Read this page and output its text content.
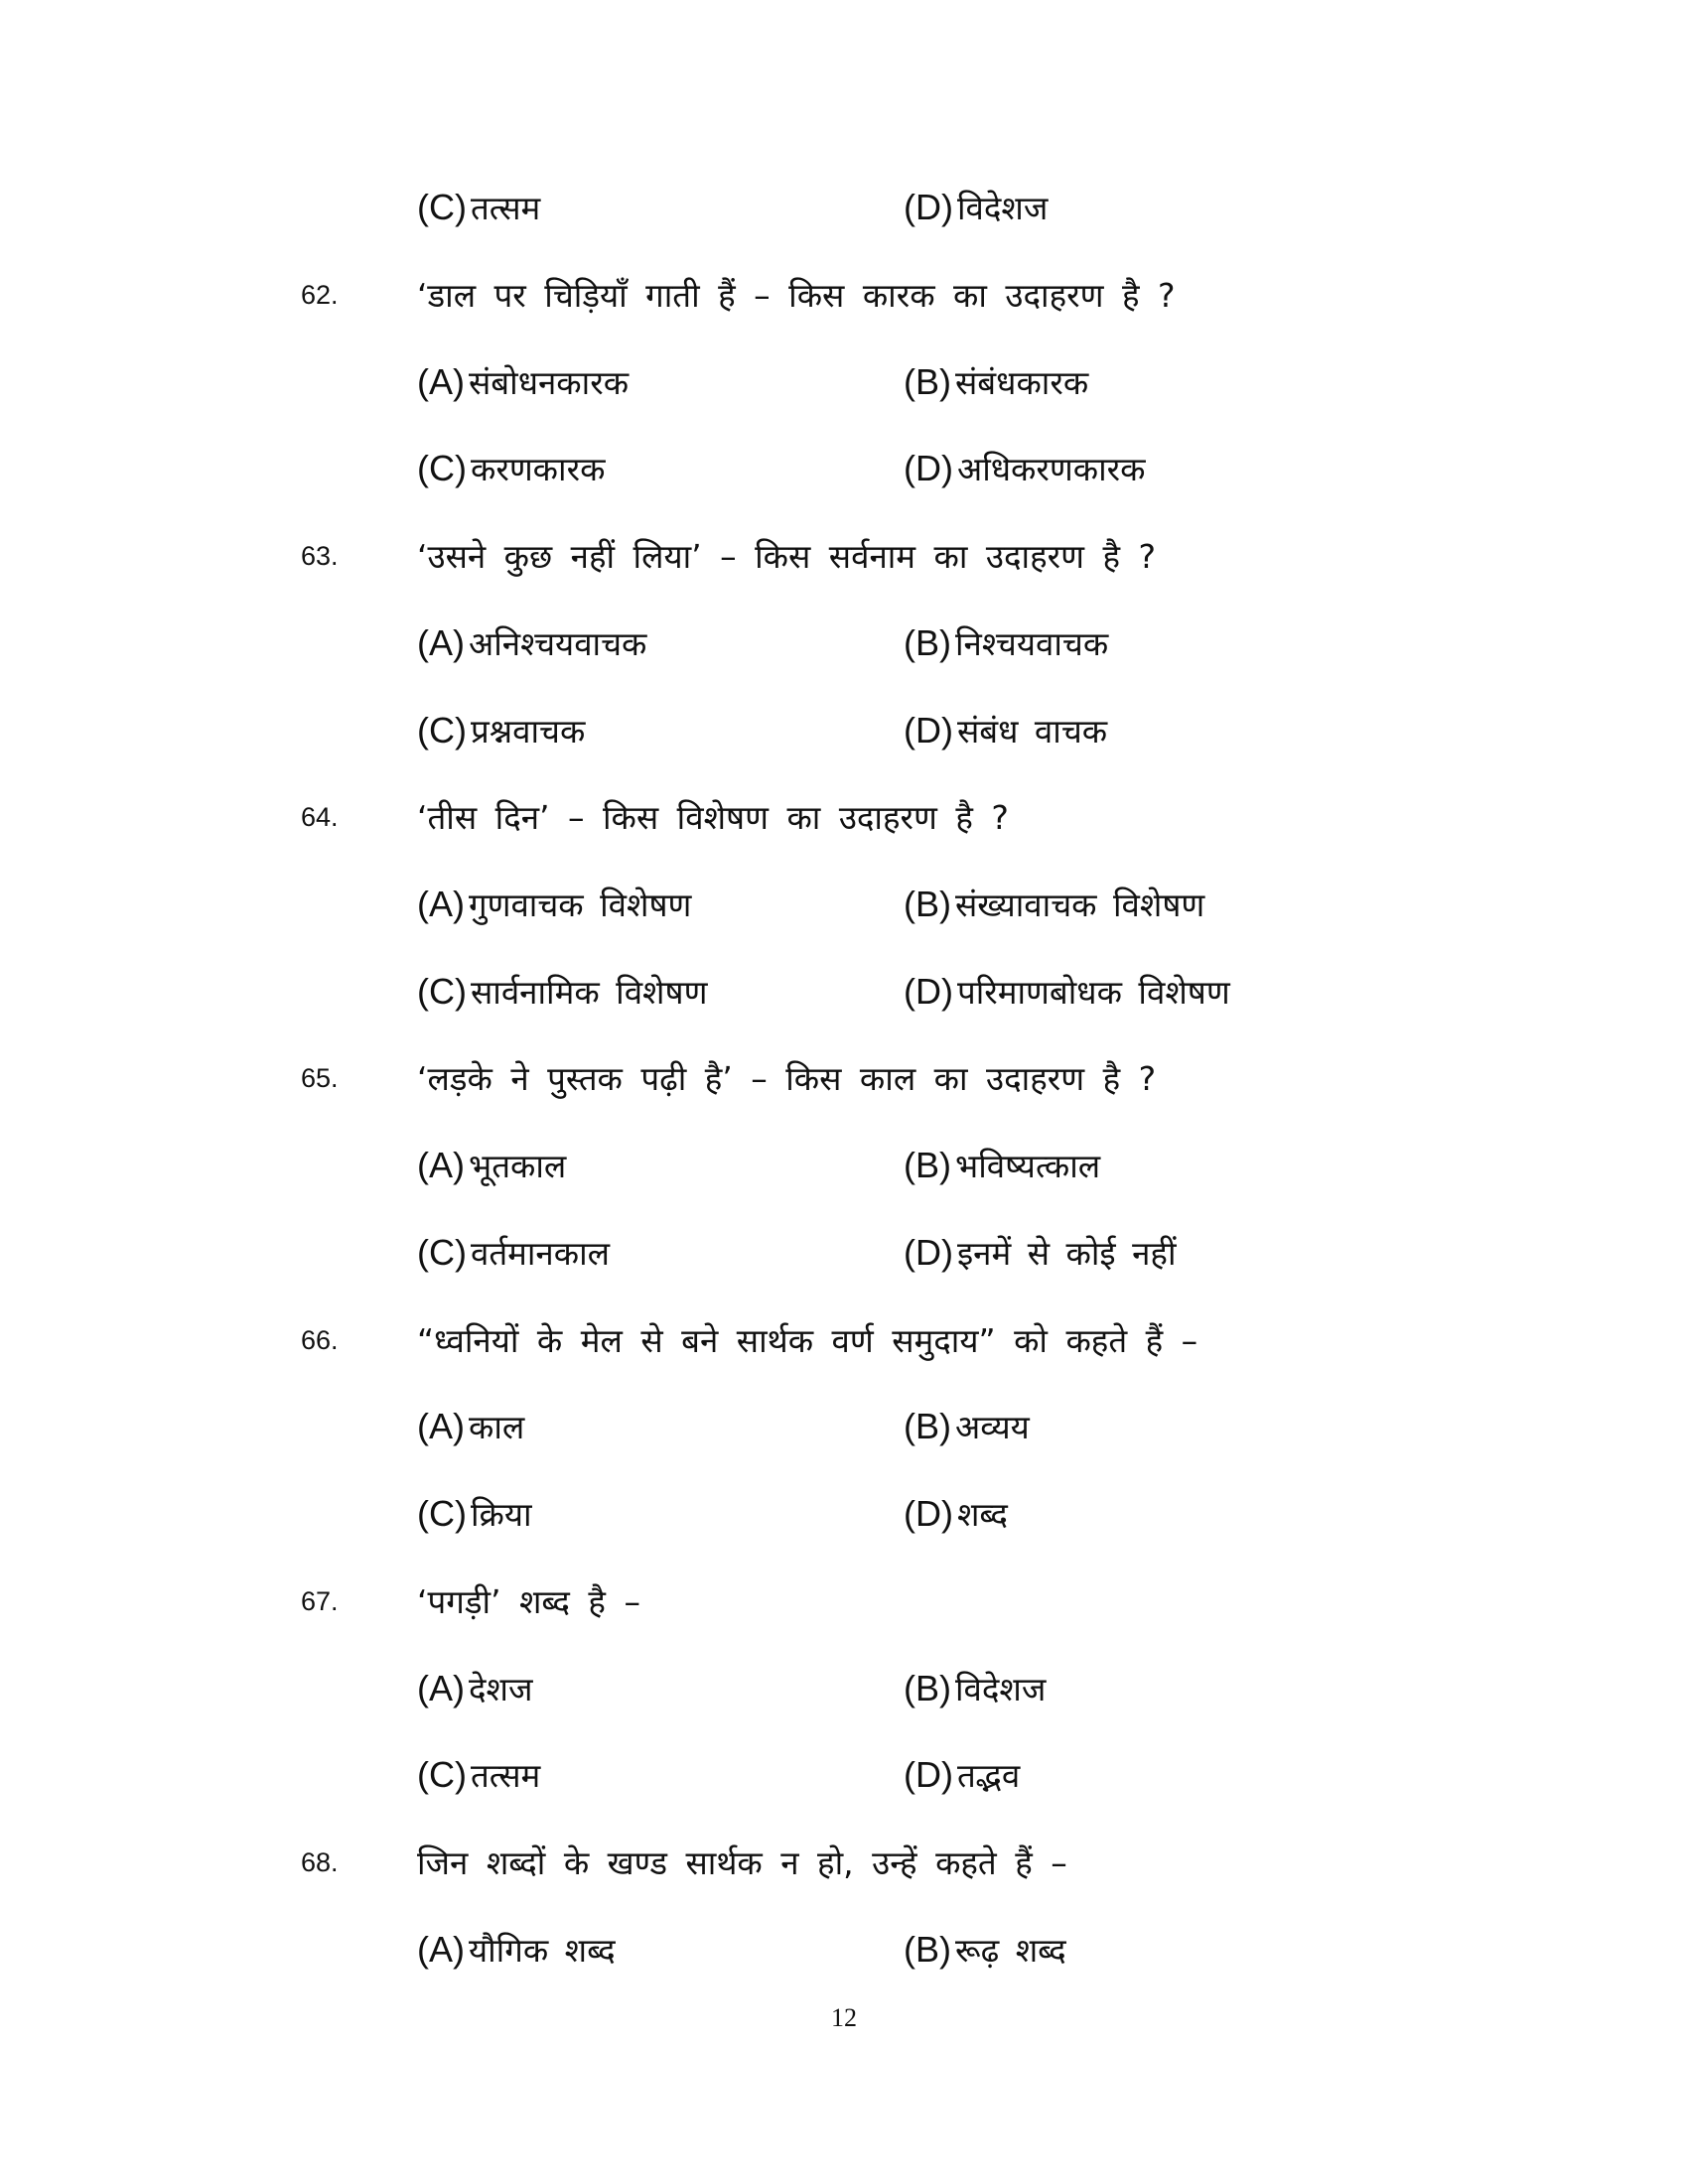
(C) तत्सम	(D) विदेशज
62. ‘डाल पर चिड़ियाँ गाती हैं – किस कारक का उदाहरण है ?
(A) संबोधनकारक	(B) संबंधकारक
(C) करणकारक	(D) अधिकरणकारक
63. ‘उसने कुछ नहीं लिया’ – किस सर्वनाम का उदाहरण है ?
(A) अनिश्चयवाचक	(B) निश्चयवाचक
(C) प्रश्नवाचक	(D) संबंध वाचक
64. ‘तीस दिन’ – किस विशेषण का उदाहरण है ?
(A) गुणवाचक विशेषण	(B) संख्यावाचक विशेषण
(C) सार्वनामिक विशेषण	(D) परिमाणबोधक विशेषण
65. ‘लड़के ने पुस्तक पढ़ी है’ – किस काल का उदाहरण है ?
(A) भूतकाल	(B) भविष्यत्काल
(C) वर्तमानकाल	(D) इनमें से कोई नहीं
66. “ध्वनियों के मेल से बने सार्थक वर्ण समुदाय” को कहते हैं –
(A) काल	(B) अव्यय
(C) क्रिया	(D) शब्द
67. ‘पगड़ी’ शब्द है –
(A) देशज	(B) विदेशज
(C) तत्सम	(D) तद्भव
68. जिन शब्दों के खण्ड सार्थक न हो, उन्हें कहते हैं –
(A) यौगिक शब्द	(B) रूढ़ शब्द
12
